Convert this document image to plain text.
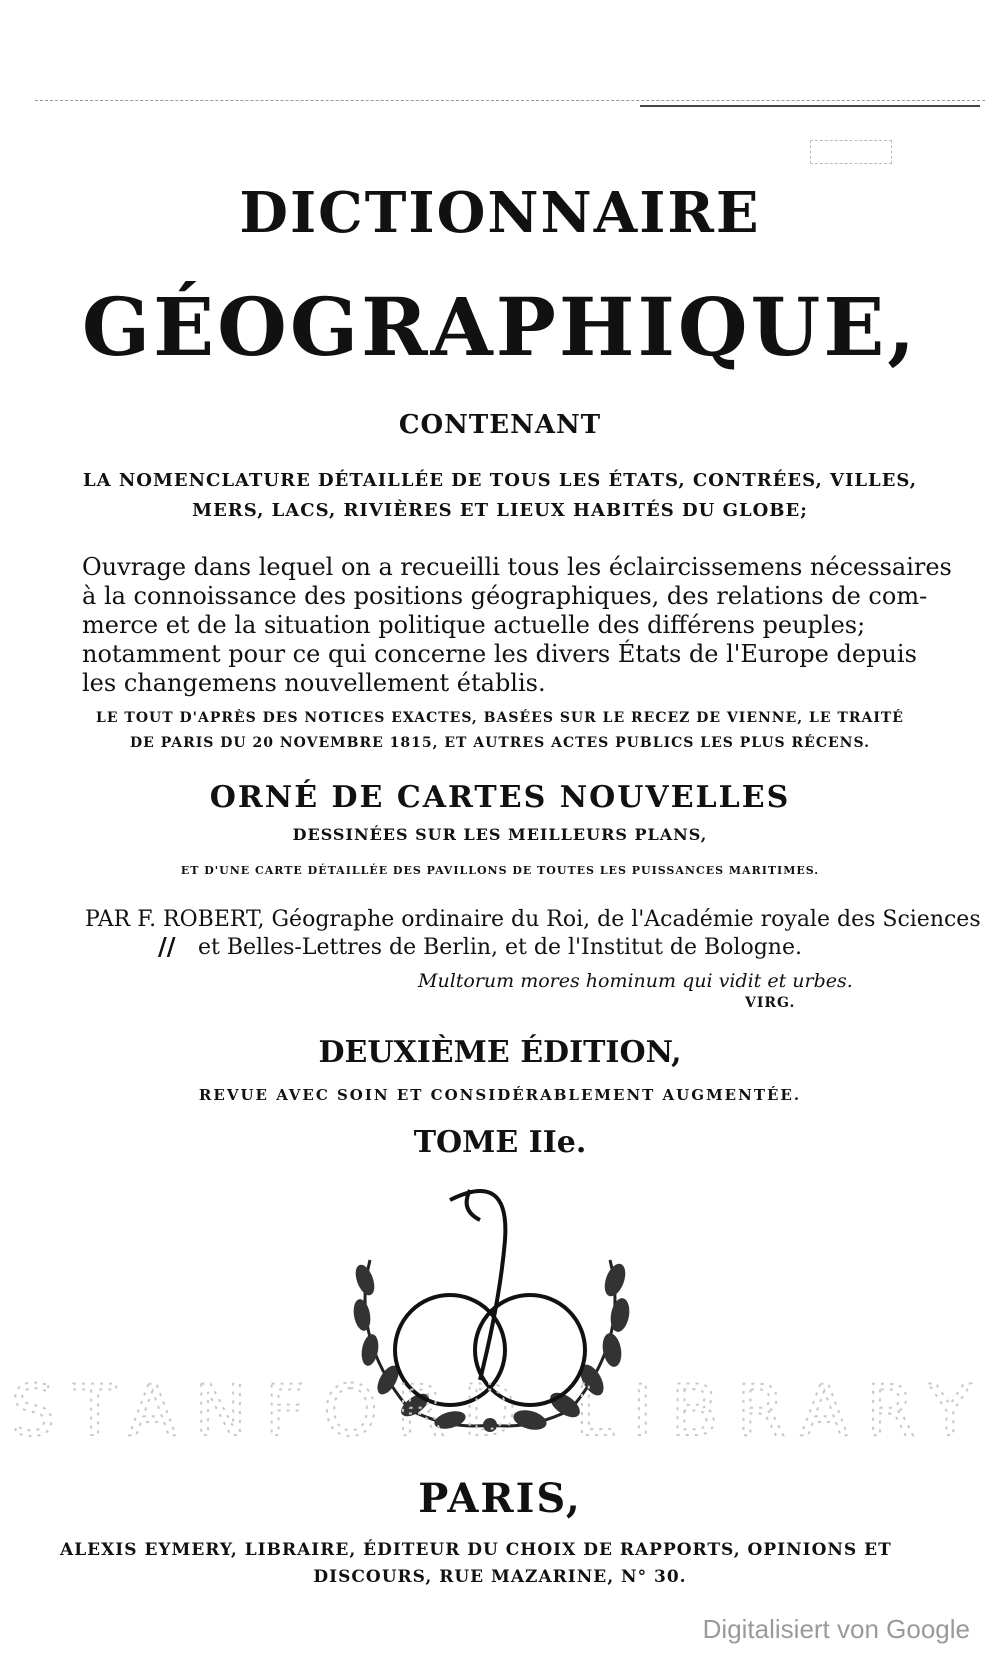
DICTIONNAIRE
GÉOGRAPHIQUE,
CONTENANT
LA NOMENCLATURE DÉTAILLÉE DE TOUS LES ÉTATS, CONTRÉES, VILLES,
MERS, LACS, RIVIÈRES ET LIEUX HABITÉS DU GLOBE;
Ouvrage dans lequel on a recueilli tous les éclaircissemens nécessaires
à la connoissance des positions géographiques, des relations de com-
merce et de la situation politique actuelle des différens peuples;
notamment pour ce qui concerne les divers États de l'Europe depuis
les changemens nouvellement établis.
LE TOUT D'APRÈS DES NOTICES EXACTES, BASÉES SUR LE RECEZ DE VIENNE, LE TRAITÉ
DE PARIS DU 20 NOVEMBRE 1815, ET AUTRES ACTES PUBLICS LES PLUS RÉCENS.
ORNÉ DE CARTES NOUVELLES
DESSINÉES SUR LES MEILLEURS PLANS,
ET D'UNE CARTE DÉTAILLÉE DES PAVILLONS DE TOUTES LES PUISSANCES MARITIMES.
PAR F. ROBERT, Géographe ordinaire du Roi, de l'Académie royale des Sciences
// et Belles-Lettres de Berlin, et de l'Institut de Bologne.
Multorum mores hominum qui vidit et urbes.
VIRG.
DEUXIÈME ÉDITION,
REVUE AVEC SOIN ET CONSIDÉRABLEMENT AUGMENTÉE.
TOME IIe.
STANFORD LIBRARY
PARIS,
ALEXIS EYMERY, LIBRAIRE, ÉDITEUR DU CHOIX DE RAPPORTS, OPINIONS ET
DISCOURS, RUE MAZARINE, N° 30.
Digitalisiert von Google
